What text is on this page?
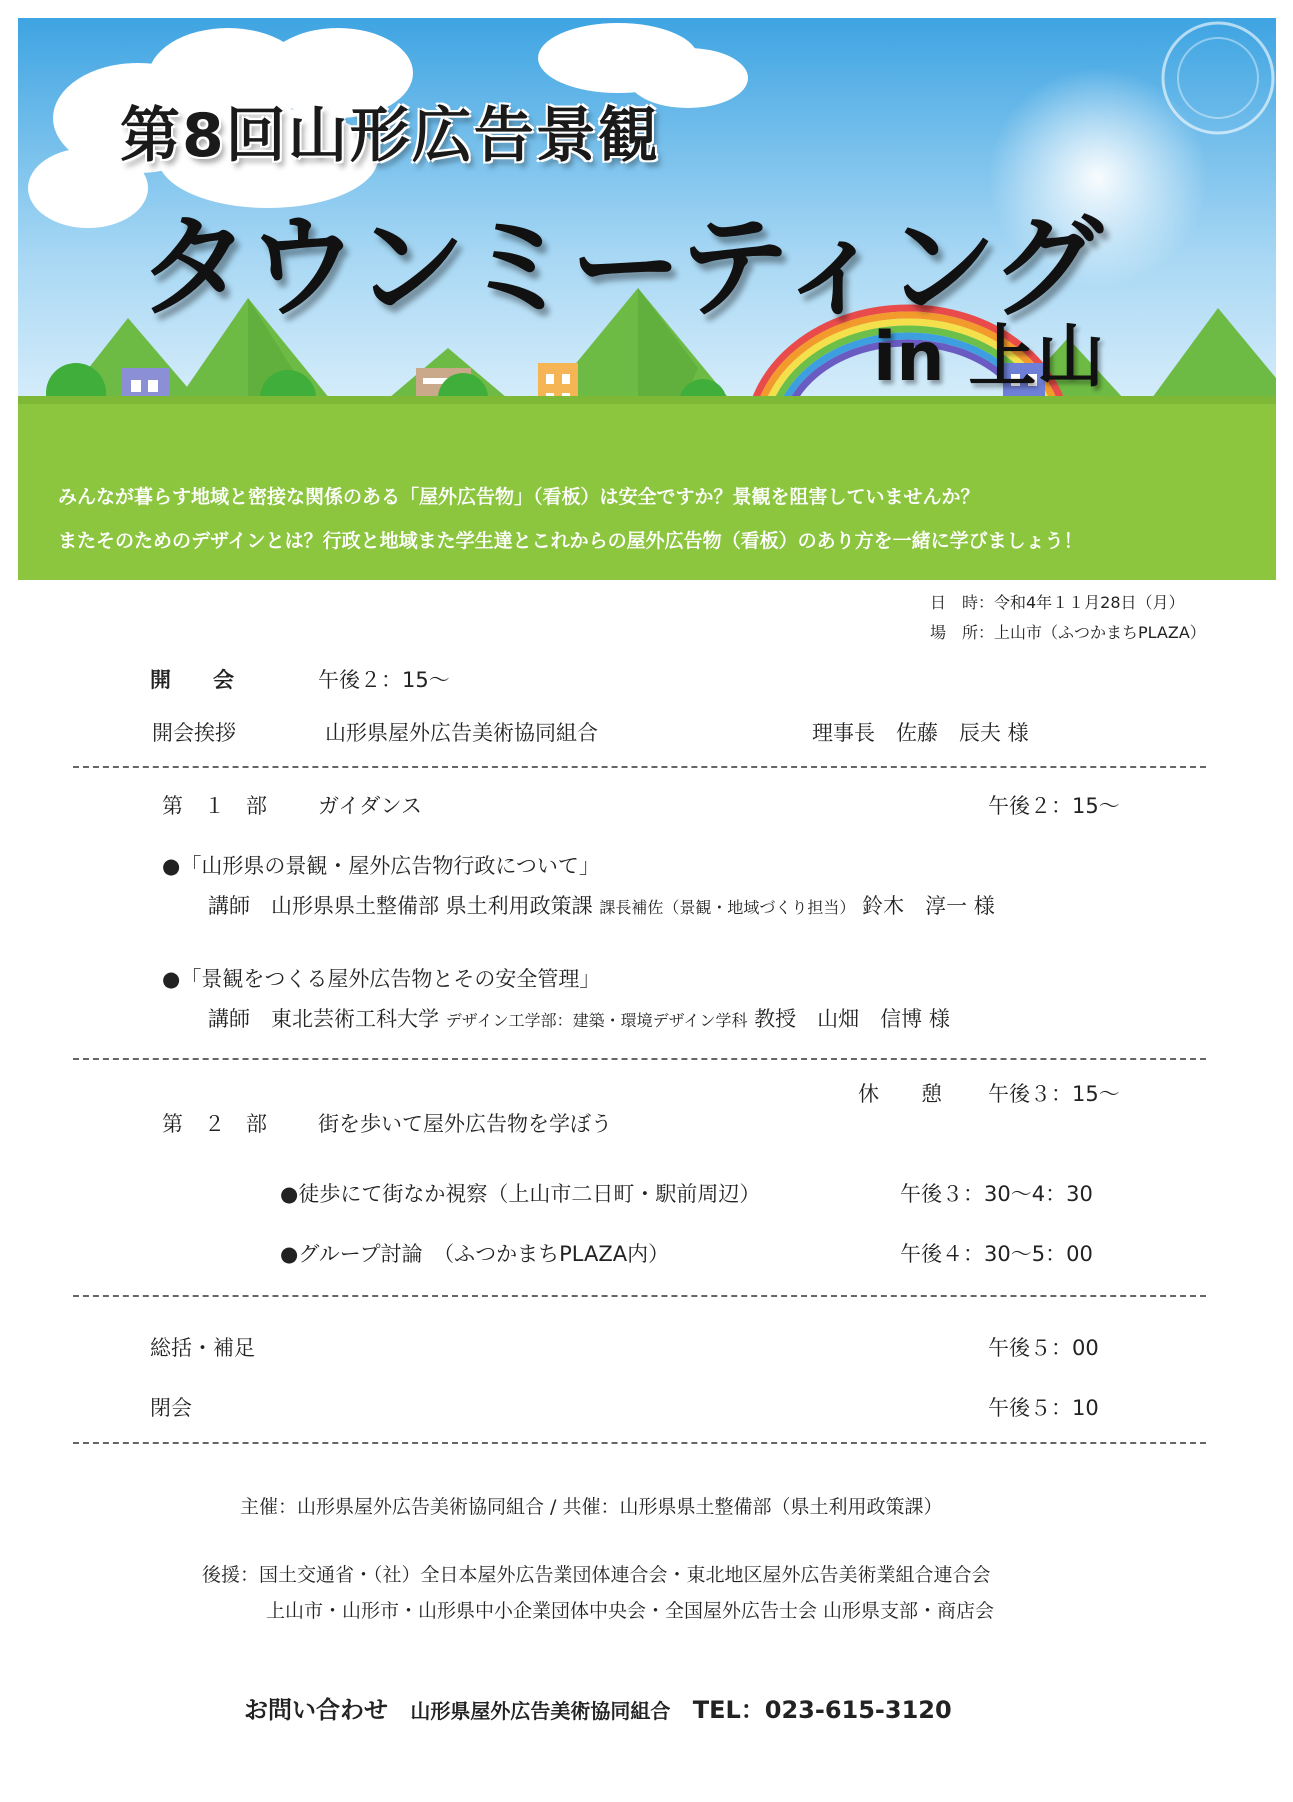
第8回山形広告景観
タウンミーティング
in 上山
みんなが暮らす地域と密接な関係のある「屋外広告物」（看板）は安全ですか？景観を阻害していませんか？
またそのためのデザインとは？行政と地域また学生達とこれからの屋外広告物（看板）のあり方を一緒に学びましょう！
日　時：令和4年１１月28日（月）
場　所：上山市（ふつかまちPLAZA）
開　　会	午後２：15～
開会挨拶	山形県屋外広告美術協同組合	理事長　佐藤　辰夫 様
第　１　部 ガイダンス	午後２：15～
●「山形県の景観・屋外広告物行政について」
講師　山形県県土整備部 県土利用政策課 課長補佐（景観・地域づくり担当） 鈴木　淳一 様
●「景観をつくる屋外広告物とその安全管理」
講師　東北芸術工科大学 デザイン工学部：建築・環境デザイン学科 教授　山畑　信博 様
休　　憩 午後３：15～
第　２　部 街を歩いて屋外広告物を学ぼう
●徒歩にて街なか視察（上山市二日町・駅前周辺）	午後３：30～4：30
●グループ討論　（ふつかまちPLAZA内）	午後４：30～5：00
総括・補足	午後５：00
閉会	午後５：10
主催：山形県屋外広告美術協同組合 / 共催：山形県県土整備部（県土利用政策課）
後援：国土交通省・（社）全日本屋外広告業団体連合会・東北地区屋外広告美術業組合連合会
上山市・山形市・山形県中小企業団体中央会・全国屋外広告士会 山形県支部・商店会
お問い合わせ 山形県屋外広告美術協同組合 TEL：023-615-3120
